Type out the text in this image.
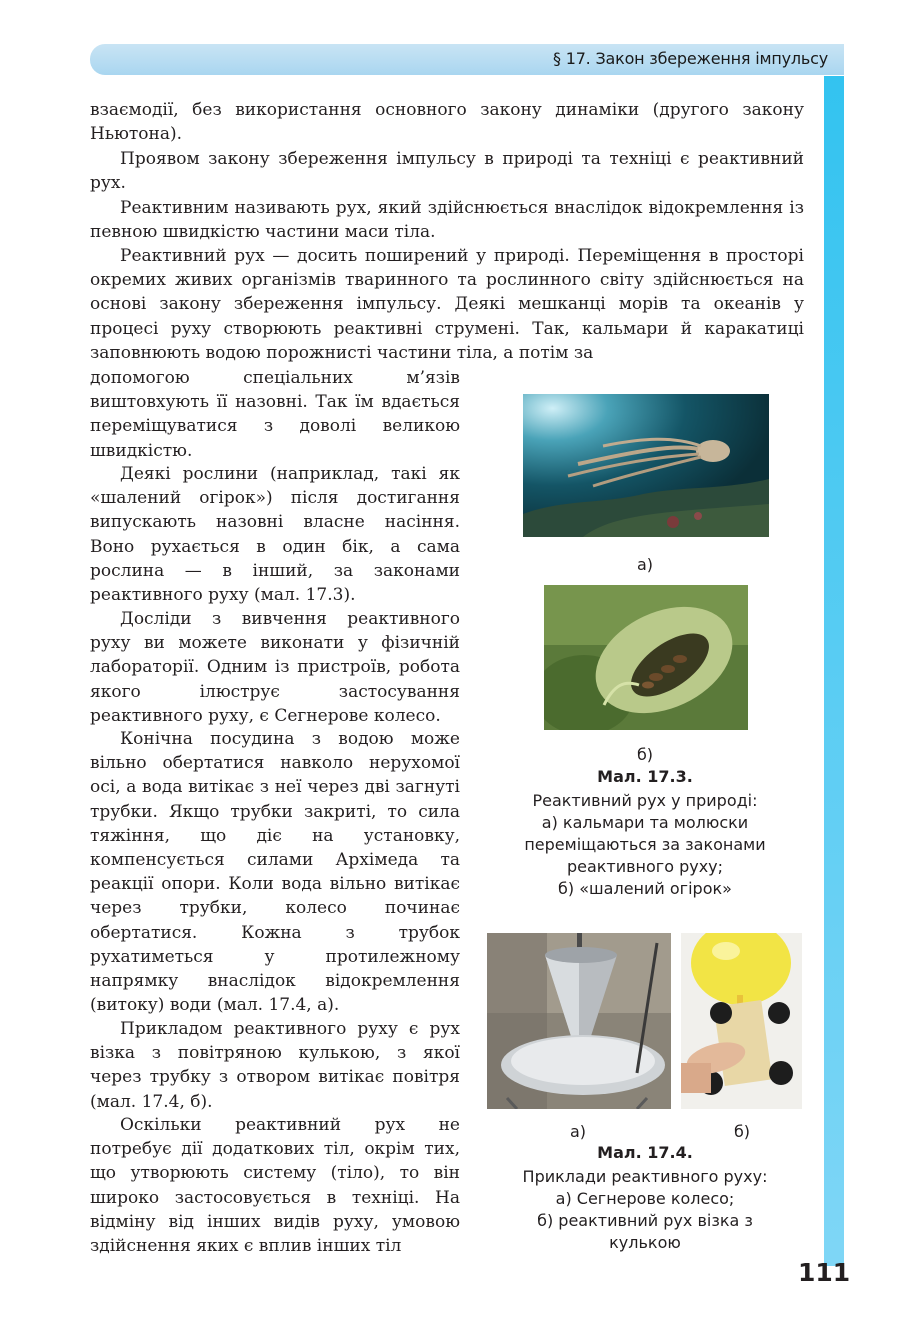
§ 17. Закон збереження імпульсу

взаємодії, без використання основного закону динаміки (другого закону Ньютона).

Проявом закону збереження імпульсу в природі та техніці є реактивний рух.

Реактивним називають рух, який здійснюється внаслідок відокремлення із певною швидкістю частини маси тіла.

Реактивний рух — досить поширений у природі. Переміщення в просторі окремих живих організмів тваринного та рослинного світу здійснюється на основі закону збереження імпульсу. Деякі мешканці морів та океанів у процесі руху створюють реактивні струмені. Так, кальмари й каракатиці заповнюють водою порожнисті частини тіла, а потім за

допомогою спеціальних м’язів виштовхують її назовні. Так їм вдається переміщуватися з доволі великою швидкістю.

Деякі рослини (наприклад, такі як «шалений огірок») після достигання випускають назовні власне насіння. Воно рухається в один бік, а сама рослина — в інший, за законами реактивного руху (мал. 17.3).

Досліди з вивчення реактивного руху ви можете виконати у фізичній лабораторії. Одним із пристроїв, робота якого ілюструє застосування реактивного руху, є Сегнерове колесо.

Конічна посудина з водою може вільно обертатися навколо нерухомої осі, а вода витікає з неї через дві загнуті трубки. Якщо трубки закриті, то сила тяжіння, що діє на установку, компенсується силами Архімеда та реакції опори. Коли вода вільно витікає через трубки, колесо починає обертатися. Кожна з трубок рухатиметься у протилежному напрямку внаслідок відокремлення (витоку) води (мал. 17.4, а).

Прикладом реактивного руху є рух візка з повітряною кулькою, з якої через трубку з отвором витікає повітря (мал. 17.4, б).

Оскільки реактивний рух не потребує дії додаткових тіл, окрім тих, що утворюють систему (тіло), то він широко застосовується в техніці. На відміну від інших видів руху, умовою здійснення яких є вплив інших тіл

а)
б)
Мал. 17.3.
Реактивний рух у природі:
а) кальмари та молюски
переміщаються за законами
реактивного руху;
б) «шалений огірок»
а)	б)
Мал. 17.4.
Приклади реактивного руху:
а) Сегнерове колесо;
б) реактивний рух візка з
кулькою
111
